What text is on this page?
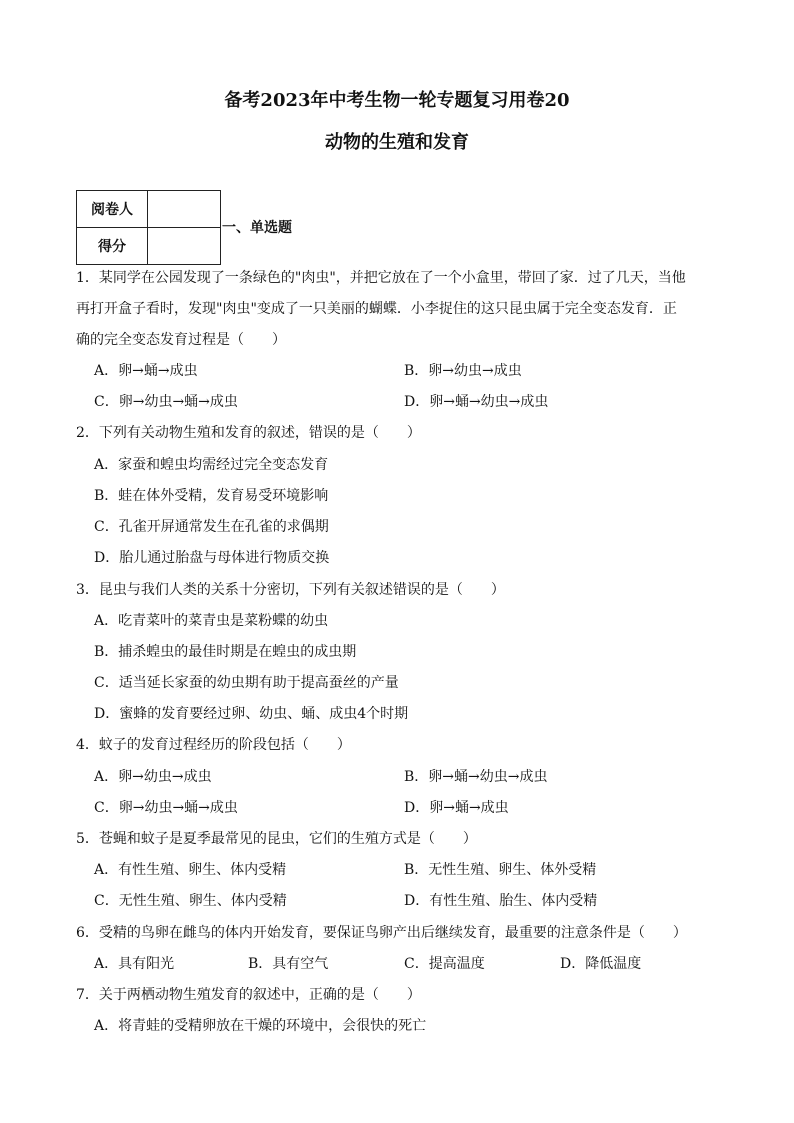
备考2023年中考生物一轮专题复习用卷20
动物的生殖和发育
阅卷人	
得分	
一、单选题
1．某同学在公园发现了一条绿色的"肉虫"，并把它放在了一个小盒里，带回了家．过了几天，当他
再打开盒子看时，发现"肉虫"变成了一只美丽的蝴蝶．小李捉住的这只昆虫属于完全变态发育．正
确的完全变态发育过程是（　　）
A．卵→蛹→成虫	B．卵→幼虫→成虫
C．卵→幼虫→蛹→成虫	D．卵→蛹→幼虫→成虫
2．下列有关动物生殖和发育的叙述，错误的是（　　）
A．家蚕和蝗虫均需经过完全变态发育
B．蛙在体外受精，发育易受环境影响
C．孔雀开屏通常发生在孔雀的求偶期
D．胎儿通过胎盘与母体进行物质交换
3．昆虫与我们人类的关系十分密切，下列有关叙述错误的是（　　）
A．吃青菜叶的菜青虫是菜粉蝶的幼虫
B．捕杀蝗虫的最佳时期是在蝗虫的成虫期
C．适当延长家蚕的幼虫期有助于提高蚕丝的产量
D．蜜蜂的发育要经过卵、幼虫、蛹、成虫4个时期
4．蚊子的发育过程经历的阶段包括（　　）
A．卵→幼虫→成虫	B．卵→蛹→幼虫→成虫
C．卵→幼虫→蛹→成虫	D．卵→蛹→成虫
5．苍蝇和蚊子是夏季最常见的昆虫，它们的生殖方式是（　　）
A．有性生殖、卵生、体内受精	B．无性生殖、卵生、体外受精
C．无性生殖、卵生、体内受精	D．有性生殖、胎生、体内受精
6．受精的鸟卵在雌鸟的体内开始发育，要保证鸟卵产出后继续发育，最重要的注意条件是（　　）
A．具有阳光	B．具有空气	C．提高温度	D．降低温度
7．关于两栖动物生殖发育的叙述中，正确的是（　　）
A．将青蛙的受精卵放在干燥的环境中，会很快的死亡
